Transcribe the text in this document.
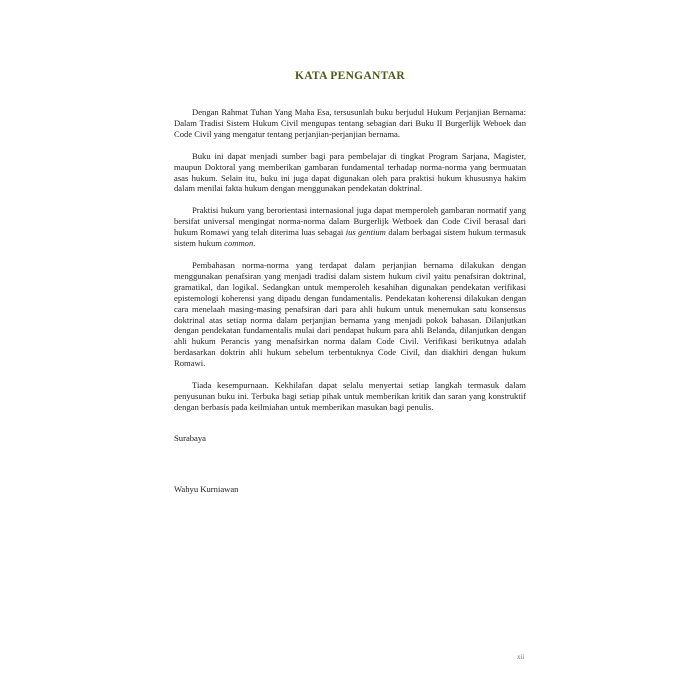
KATA PENGANTAR

Dengan Rahmat Tuhan Yang Maha Esa, tersusunlah buku berjudul Hukum Perjanjian Bernama: Dalam Tradisi Sistem Hukum Civil mengupas tentang sebagian dari Buku II Burgerlijk Weboek dan Code Civil yang mengatur tentang perjanjian-perjanjian bernama.

Buku ini dapat menjadi sumber bagi para pembelajar di tingkat Program Sarjana, Magister, maupun Doktoral yang memberikan gambaran fundamental terhadap norma-norma yang bermuatan asas hukum. Selain itu, buku ini juga dapat digunakan oleh para praktisi hukum khususnya hakim dalam menilai fakta hukum dengan menggunakan pendekatan doktrinal.

Praktisi hukum yang berorientasi internasional juga dapat memperoleh gambaran normatif yang bersifat universal mengingat norma-norma dalam Burgerlijk Wetboek dan Code Civil berasal dari hukum Romawi yang telah diterima luas sebagai ius gentium dalam berbagai sistem hukum termasuk sistem hukum common.

Pembahasan norma-norma yang terdapat dalam perjanjian bernama dilakukan dengan menggunakan penafsiran yang menjadi tradisi dalam sistem hukum civil yaitu penafsiran doktrinal, gramatikal, dan logikal. Sedangkan untuk memperoleh kesahihan digunakan pendekatan verifikasi epistemologi koherensi yang dipadu dengan fundamentalis. Pendekatan koherensi dilakukan dengan cara menelaah masing-masing penafsiran dari para ahli hukum untuk menemukan satu konsensus doktrinal atas setiap norma dalam perjanjian bernama yang menjadi pokok bahasan. Dilanjutkan dengan pendekatan fundamentalis mulai dari pendapat hukum para ahli Belanda, dilanjutkan dengan ahli hukum Perancis yang menafsirkan norma dalam Code Civil. Verifikasi berikutnya adalah berdasarkan doktrin ahli hukum sebelum terbentuknya Code Civil, dan diakhiri dengan hukum Romawi.

Tiada kesempurnaan. Kekhilafan dapat selalu menyertai setiap langkah termasuk dalam penyusunan buku ini. Terbuka bagi setiap pihak untuk memberikan kritik dan saran yang konstruktif dengan berbasis pada keilmiahan untuk memberikan masukan bagi penulis.

Surabaya
Wahyu Kurniawan
xii
